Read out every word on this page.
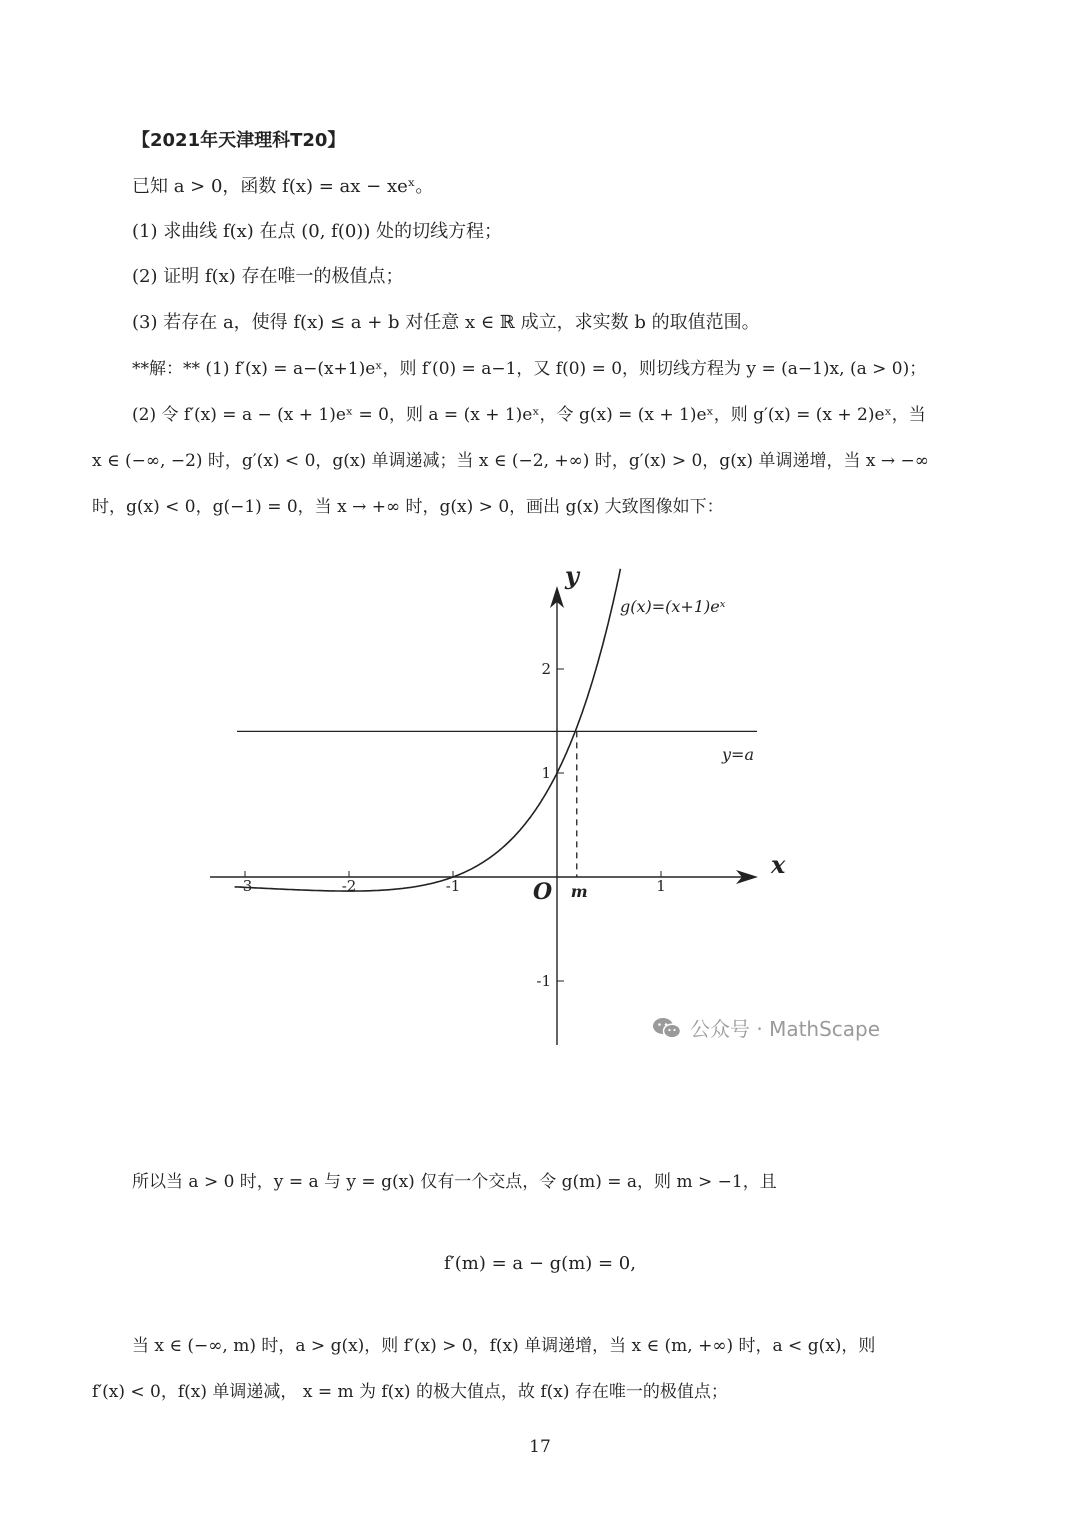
【2021年天津理科T20】
已知 a > 0，函数 f(x) = ax − xeˣ。
(1) 求曲线 f(x) 在点 (0, f(0)) 处的切线方程；
(2) 证明 f(x) 存在唯一的极值点；
(3) 若存在 a，使得 f(x) ≤ a + b 对任意 x ∈ ℝ 成立，求实数 b 的取值范围。
**解：** (1) f′(x) = a−(x+1)eˣ，则 f′(0) = a−1，又 f(0) = 0，则切线方程为 y = (a−1)x, (a > 0)；
(2) 令 f′(x) = a − (x + 1)eˣ = 0，则 a = (x + 1)eˣ，令 g(x) = (x + 1)eˣ，则 g′(x) = (x + 2)eˣ，当
x ∈ (−∞, −2) 时，g′(x) < 0，g(x) 单调递减；当 x ∈ (−2, +∞) 时，g′(x) > 0，g(x) 单调递增，当 x → −∞
时，g(x) < 0，g(−1) = 0，当 x → +∞ 时，g(x) > 0，画出 g(x) 大致图像如下：
-3	-2	-1	1
2
1
-1
y
x
O m
g(x)=(x+1)eˣ
y=a
公众号 · MathScape
所以当 a > 0 时，y = a 与 y = g(x) 仅有一个交点，令 g(m) = a，则 m > −1，且
f′(m) = a − g(m) = 0,
当 x ∈ (−∞, m) 时，a > g(x)，则 f′(x) > 0，f(x) 单调递增，当 x ∈ (m, +∞) 时，a < g(x)，则
f′(x) < 0，f(x) 单调递减， x = m 为 f(x) 的极大值点，故 f(x) 存在唯一的极值点；
17
